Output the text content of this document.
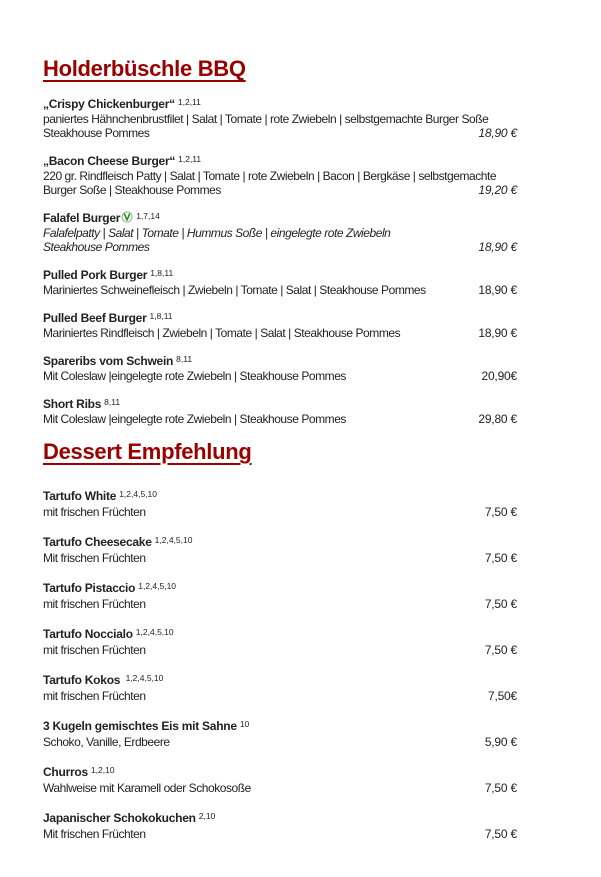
Holderbüschle BBQ
„Crispy Chickenburger“ $^{1,2,11}$
paniertes Hähnchenbrustfilet | Salat | Tomate | rote Zwiebeln | selbstgemachte Burger Soße
Steakhouse Pommes	18,90 €
„Bacon Cheese Burger“ $^{1,2,11}$
220 gr. Rindfleisch Patty | Salat | Tomate | rote Zwiebeln | Bacon | Bergkäse | selbstgemachte
Burger Soße | Steakhouse Pommes	19,20 €
Falafel Burger $^{1,7,14}$
Falafelpatty | Salat | Tomate | Hummus Soße | eingelegte rote Zwiebeln
Steakhouse Pommes	18,90 €
Pulled Pork Burger $^{1,8,11}$
Mariniertes Schweinefleisch | Zwiebeln | Tomate | Salat | Steakhouse Pommes	18,90 €
Pulled Beef Burger $^{1,8,11}$
Mariniertes Rindfleisch | Zwiebeln | Tomate | Salat | Steakhouse Pommes	18,90 €
Spareribs vom Schwein $^{8,11}$
Mit Coleslaw |eingelegte rote Zwiebeln | Steakhouse Pommes	20,90€
Short Ribs $^{8,11}$
Mit Coleslaw |eingelegte rote Zwiebeln | Steakhouse Pommes	29,80 €
Dessert Empfehlung
Tartufo White $^{1,2,4,5,10}$
mit frischen Früchten	7,50 €
Tartufo Cheesecake $^{1,2,4,5,10}$
Mit frischen Früchten	7,50 €
Tartufo Pistaccio $^{1,2,4,5,10}$
mit frischen Früchten	7,50 €
Tartufo Noccialo $^{1,2,4,5,10}$
mit frischen Früchten	7,50 €
Tartufo Kokos $^{1,2,4,5,10}$
mit frischen Früchten	7,50€
3 Kugeln gemischtes Eis mit Sahne $^{10}$
Schoko, Vanille, Erdbeere	5,90 €
Churros $^{1,2,10}$
Wahlweise mit Karamell oder Schokosoße	7,50 €
Japanischer Schokokuchen $^{2,10}$
Mit frischen Früchten	7,50 €
